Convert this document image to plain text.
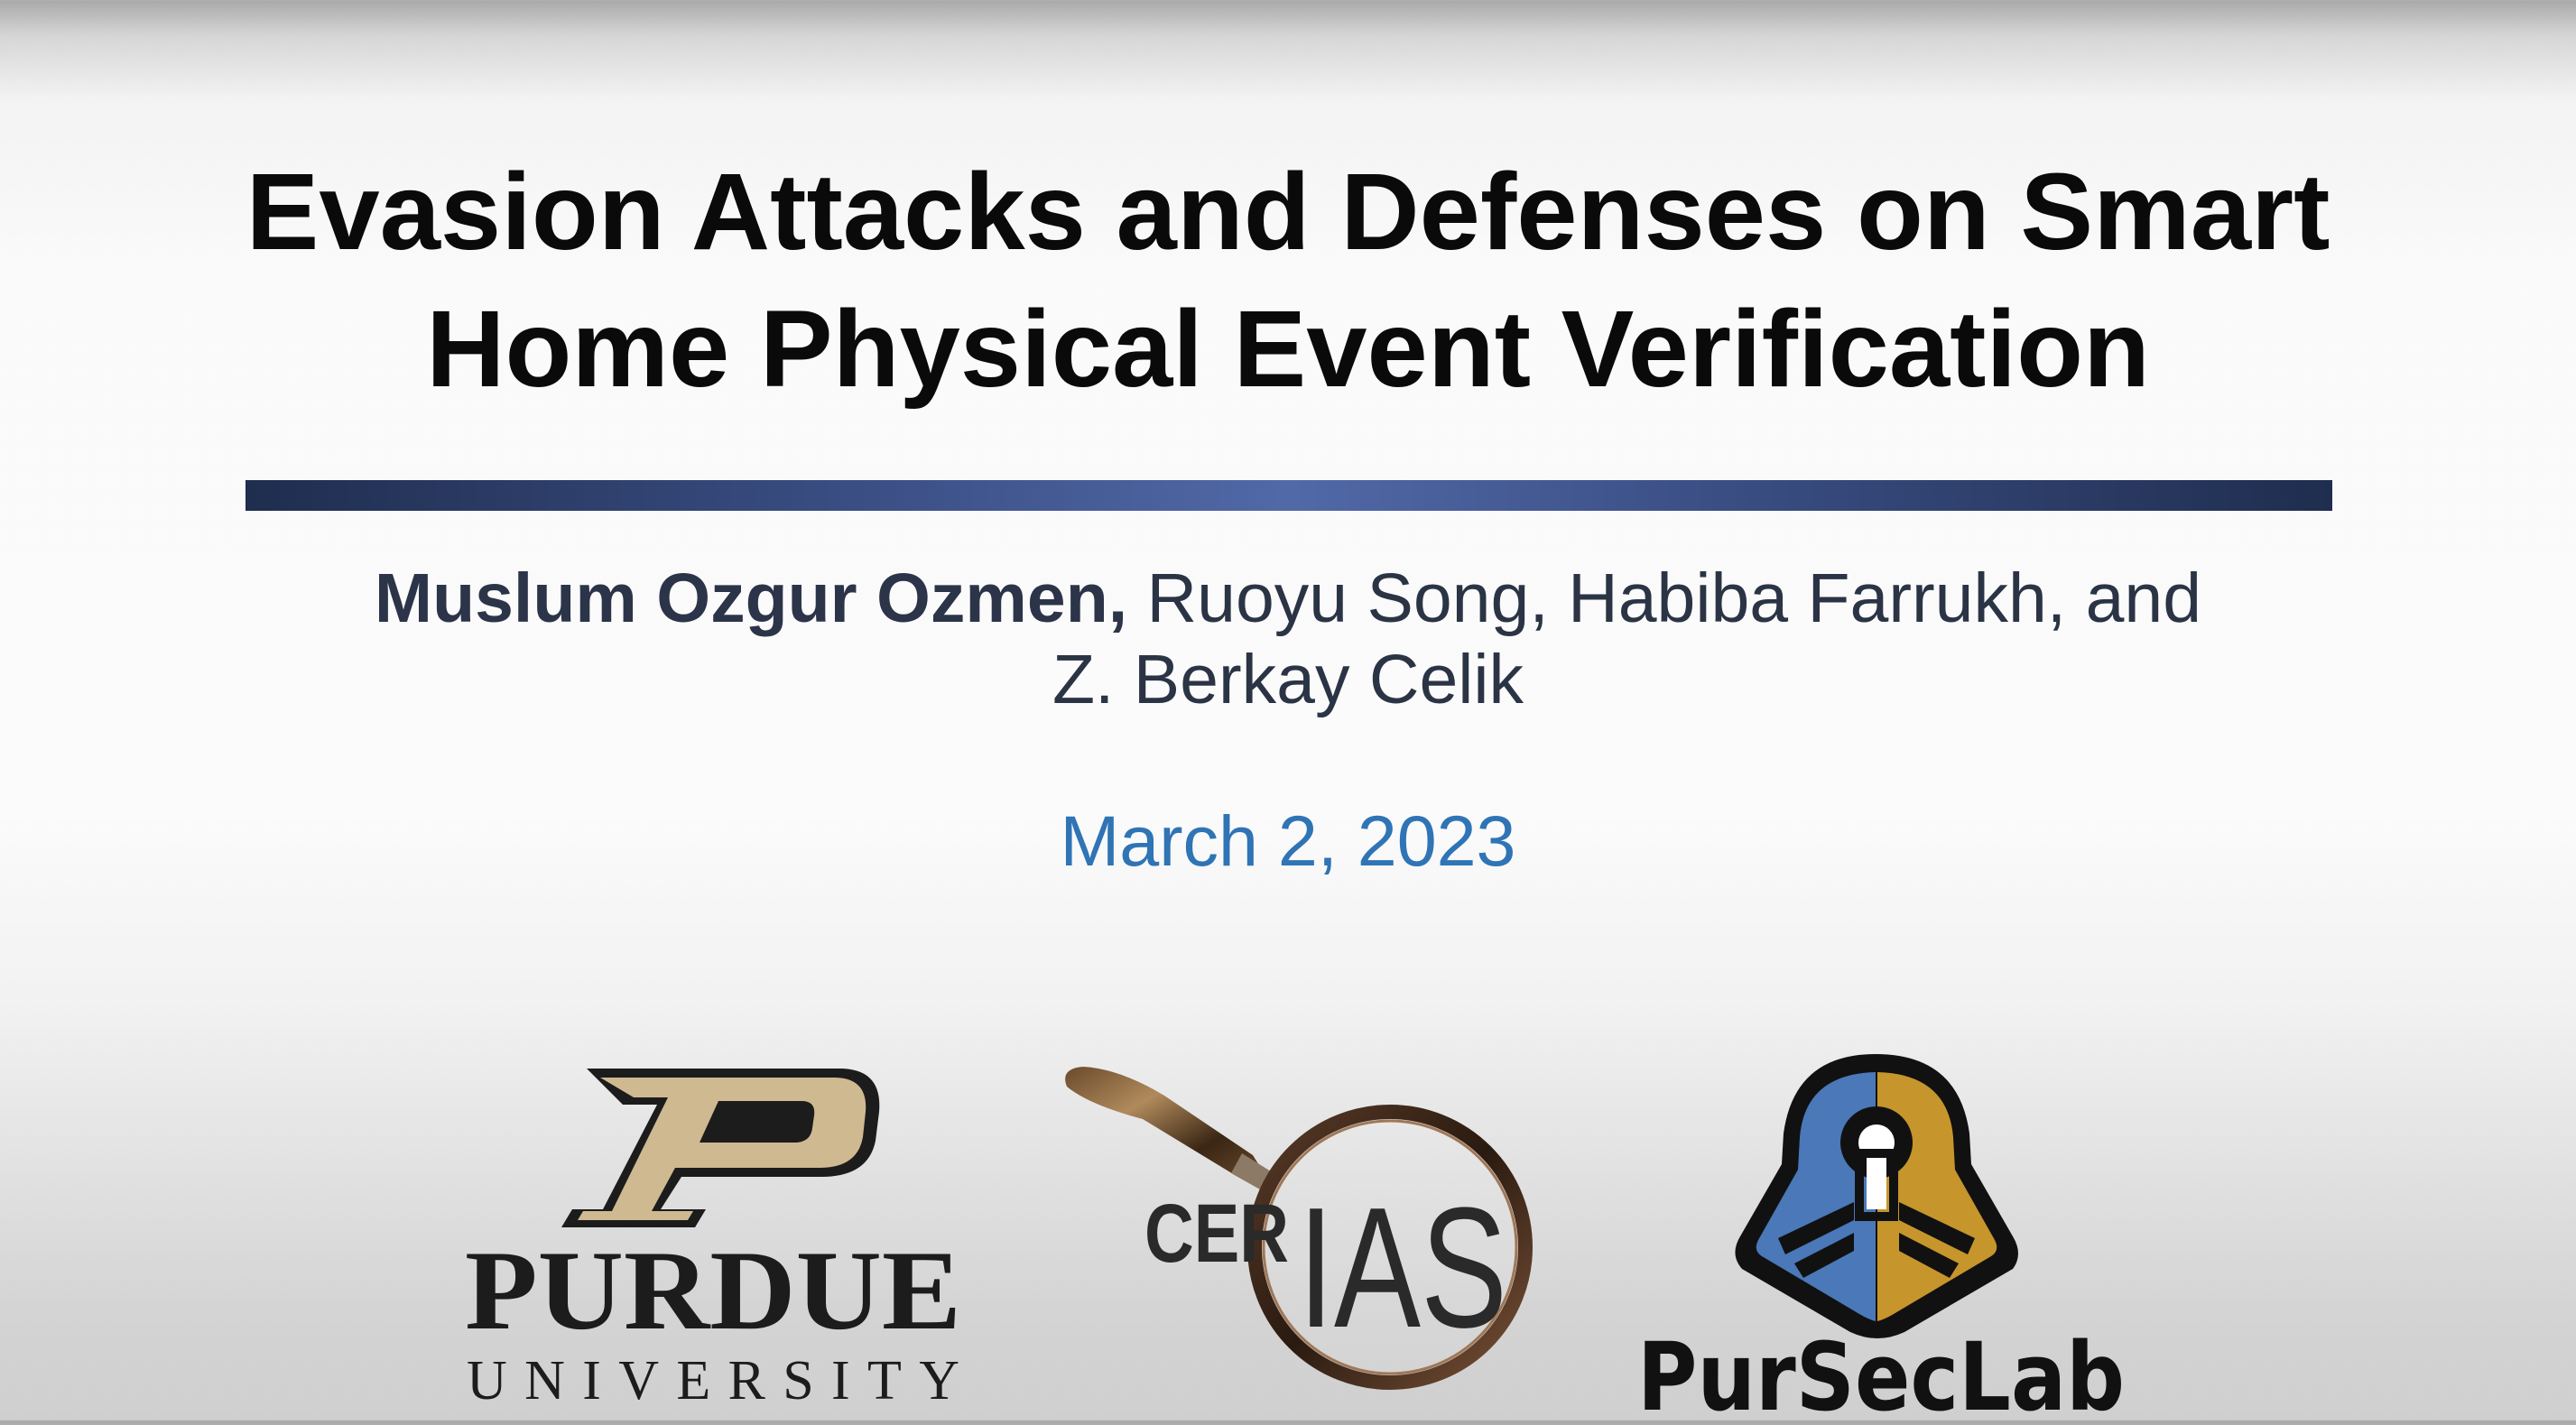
Evasion Attacks and Defenses on Smart
Home Physical Event Verification
Muslum Ozgur Ozmen, Ruoyu Song, Habiba Farrukh, and
Z. Berkay Celik
March 2, 2023
PURDUE
UNIVERSITY
CER IAS
PurSecLab
